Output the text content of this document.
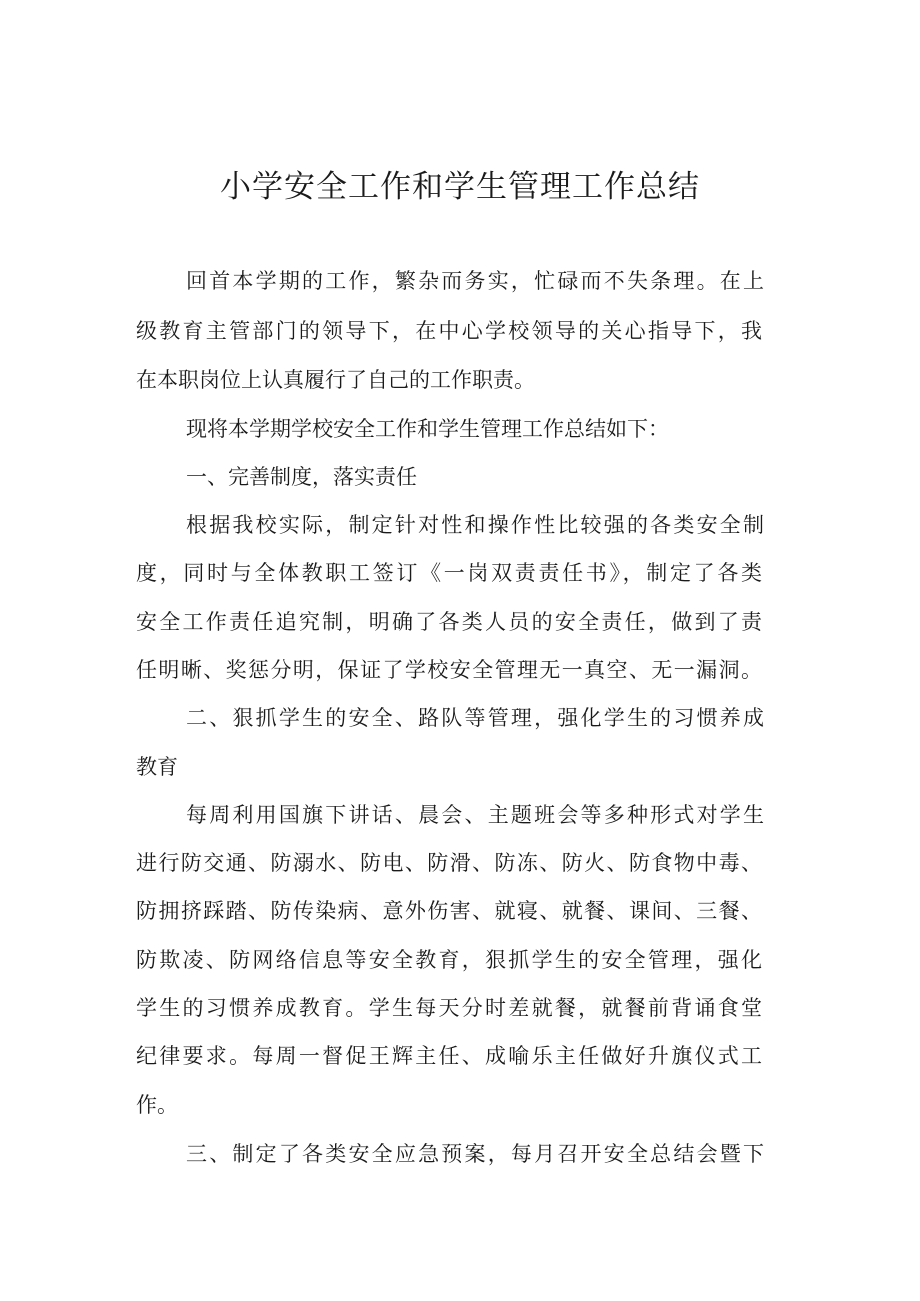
小学安全工作和学生管理工作总结

回首本学期的工作，繁杂而务实，忙碌而不失条理。在上

级教育主管部门的领导下，在中心学校领导的关心指导下，我

在本职岗位上认真履行了自己的工作职责。

现将本学期学校安全工作和学生管理工作总结如下：

一、完善制度，落实责任

根据我校实际，制定针对性和操作性比较强的各类安全制

度，同时与全体教职工签订《一岗双责责任书》，制定了各类

安全工作责任追究制，明确了各类人员的安全责任，做到了责

任明晰、奖惩分明，保证了学校安全管理无一真空、无一漏洞。

二、狠抓学生的安全、路队等管理，强化学生的习惯养成

教育

每周利用国旗下讲话、晨会、主题班会等多种形式对学生

进行防交通、防溺水、防电、防滑、防冻、防火、防食物中毒、

防拥挤踩踏、防传染病、意外伤害、就寝、就餐、课间、三餐、

防欺凌、防网络信息等安全教育，狠抓学生的安全管理，强化

学生的习惯养成教育。学生每天分时差就餐，就餐前背诵食堂

纪律要求。每周一督促王辉主任、成喻乐主任做好升旗仪式工

作。

三、制定了各类安全应急预案，每月召开安全总结会暨下
